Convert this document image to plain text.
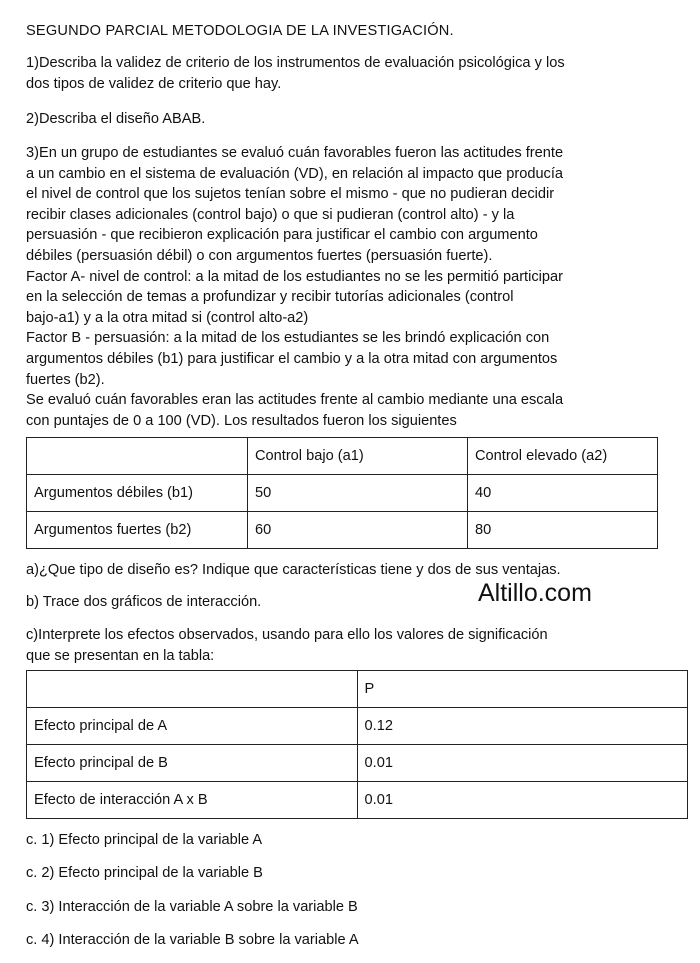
SEGUNDO PARCIAL METODOLOGIA DE LA INVESTIGACIÓN.

1)Describa la validez de criterio de los instrumentos de evaluación psicológica y los

dos tipos de validez de criterio que hay.

2)Describa el diseño ABAB.

3)En un grupo de estudiantes se evaluó cuán favorables fueron las actitudes frente

a un cambio en el sistema de evaluación (VD), en relación al impacto que producía

el nivel de control que los sujetos tenían sobre el mismo - que no pudieran decidir

recibir clases adicionales (control bajo) o que si pudieran (control alto) - y la

persuasión - que recibieron explicación para justificar el cambio con argumento

débiles (persuasión débil) o con argumentos fuertes (persuasión fuerte).

Factor A- nivel de control: a la mitad de los estudiantes no se les permitió participar

en la selección de temas a profundizar y recibir tutorías adicionales (control

bajo-a1) y a la otra mitad si (control alto-a2)

Factor B - persuasión: a la mitad de los estudiantes se les brindó explicación con

argumentos débiles (b1) para justificar el cambio y a la otra mitad con argumentos

fuertes (b2).

Se evaluó cuán favorables eran las actitudes frente al cambio mediante una escala

con puntajes de 0 a 100 (VD). Los resultados fueron los siguientes

	Control bajo (a1)	Control elevado (a2)
Argumentos débiles (b1)	50	40
Argumentos fuertes (b2)	60	80
a)¿Que tipo de diseño es? Indique que características tiene y dos de sus ventajas.
b) Trace dos gráficos de interacción.

c)Interprete los efectos observados, usando para ello los valores de significación

que se presentan en la tabla:

	P
Efecto principal de A	0.12
Efecto principal de B	0.01
Efecto de interacción A x B	0.01
c. 1) Efecto principal de la variable A
c. 2) Efecto principal de la variable B
c. 3) Interacción de la variable A sobre la variable B
c. 4) Interacción de la variable B sobre la variable A
Altillo.com
